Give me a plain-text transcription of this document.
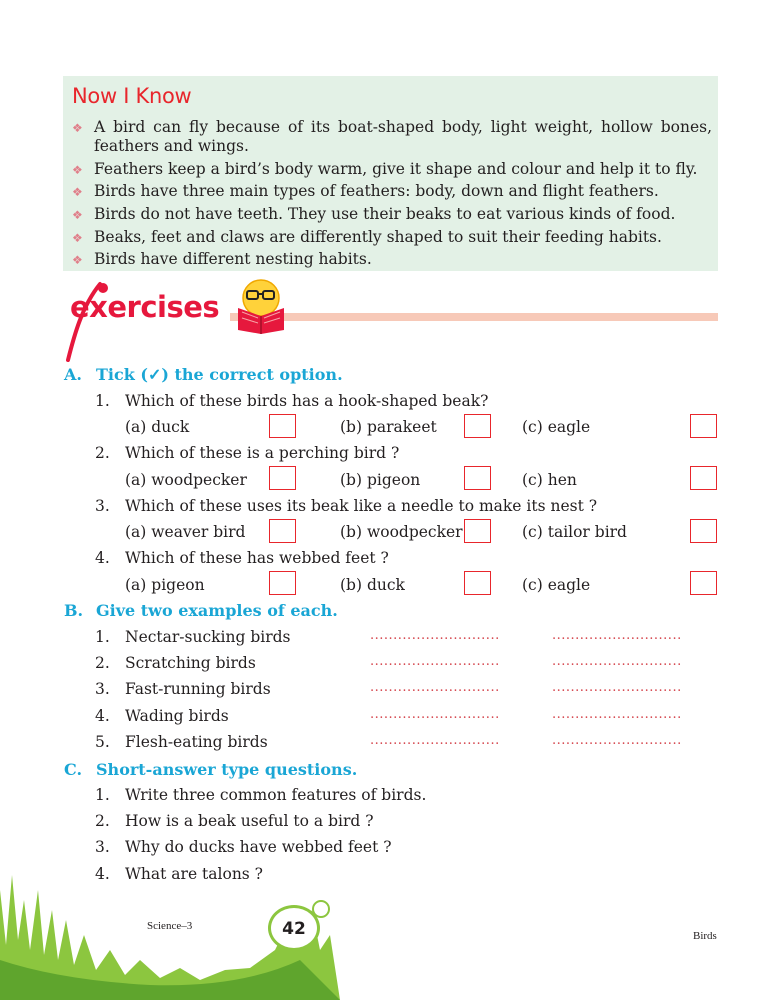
Now I Know
❖ A bird can fly because of its boat-shaped body, light weight, hollow bones, feathers and wings.
❖ Feathers keep a bird’s body warm, give it shape and colour and help it to fly.
❖ Birds have three main types of feathers: body, down and flight feathers.
❖ Birds do not have teeth. They use their beaks to eat various kinds of food.
❖ Beaks, feet and claws are differently shaped to suit their feeding habits.
❖ Birds have different nesting habits.
exercises
A. Tick (✓) the correct option.
1. Which of these birds has a hook-shaped beak?
(a) duck	(b) parakeet	(c) eagle
2. Which of these is a perching bird ?
(a) woodpecker	(b) pigeon	(c) hen
3. Which of these uses its beak like a needle to make its nest ?
(a) weaver bird	(b) woodpecker	(c) tailor bird
4. Which of these has webbed feet ?
(a) pigeon	(b) duck	(c) eagle
B. Give two examples of each.
1. Nectar-sucking birds	............................	............................
2. Scratching birds	............................	............................
3. Fast-running birds	............................	............................
4. Wading birds	............................	............................
5. Flesh-eating birds	............................	............................
C. Short-answer type questions.
1. Write three common features of birds.
2. How is a beak useful to a bird ?
3. Why do ducks have webbed feet ?
4. What are talons ?
42
Science–3
Birds
